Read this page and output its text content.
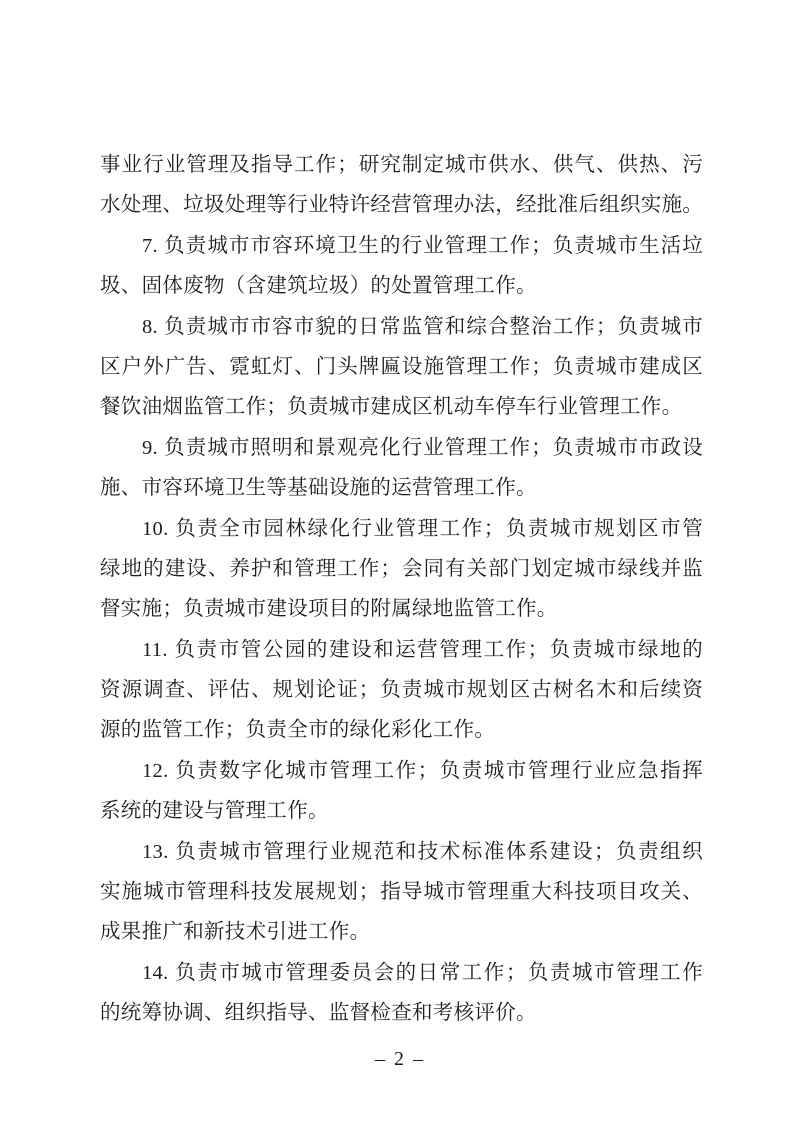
事业行业管理及指导工作；研究制定城市供水、供气、供热、污
水处理、垃圾处理等行业特许经营管理办法，经批准后组织实施。
7. 负责城市市容环境卫生的行业管理工作；负责城市生活垃
圾、固体废物（含建筑垃圾）的处置管理工作。
8. 负责城市市容市貌的日常监管和综合整治工作；负责城市
区户外广告、霓虹灯、门头牌匾设施管理工作；负责城市建成区
餐饮油烟监管工作；负责城市建成区机动车停车行业管理工作。
9. 负责城市照明和景观亮化行业管理工作；负责城市市政设
施、市容环境卫生等基础设施的运营管理工作。
10. 负责全市园林绿化行业管理工作；负责城市规划区市管
绿地的建设、养护和管理工作；会同有关部门划定城市绿线并监
督实施；负责城市建设项目的附属绿地监管工作。
11. 负责市管公园的建设和运营管理工作；负责城市绿地的
资源调查、评估、规划论证；负责城市规划区古树名木和后续资
源的监管工作；负责全市的绿化彩化工作。
12. 负责数字化城市管理工作；负责城市管理行业应急指挥
系统的建设与管理工作。
13. 负责城市管理行业规范和技术标准体系建设；负责组织
实施城市管理科技发展规划；指导城市管理重大科技项目攻关、
成果推广和新技术引进工作。
14. 负责市城市管理委员会的日常工作；负责城市管理工作
的统筹协调、组织指导、监督检查和考核评价。
– 2 –
